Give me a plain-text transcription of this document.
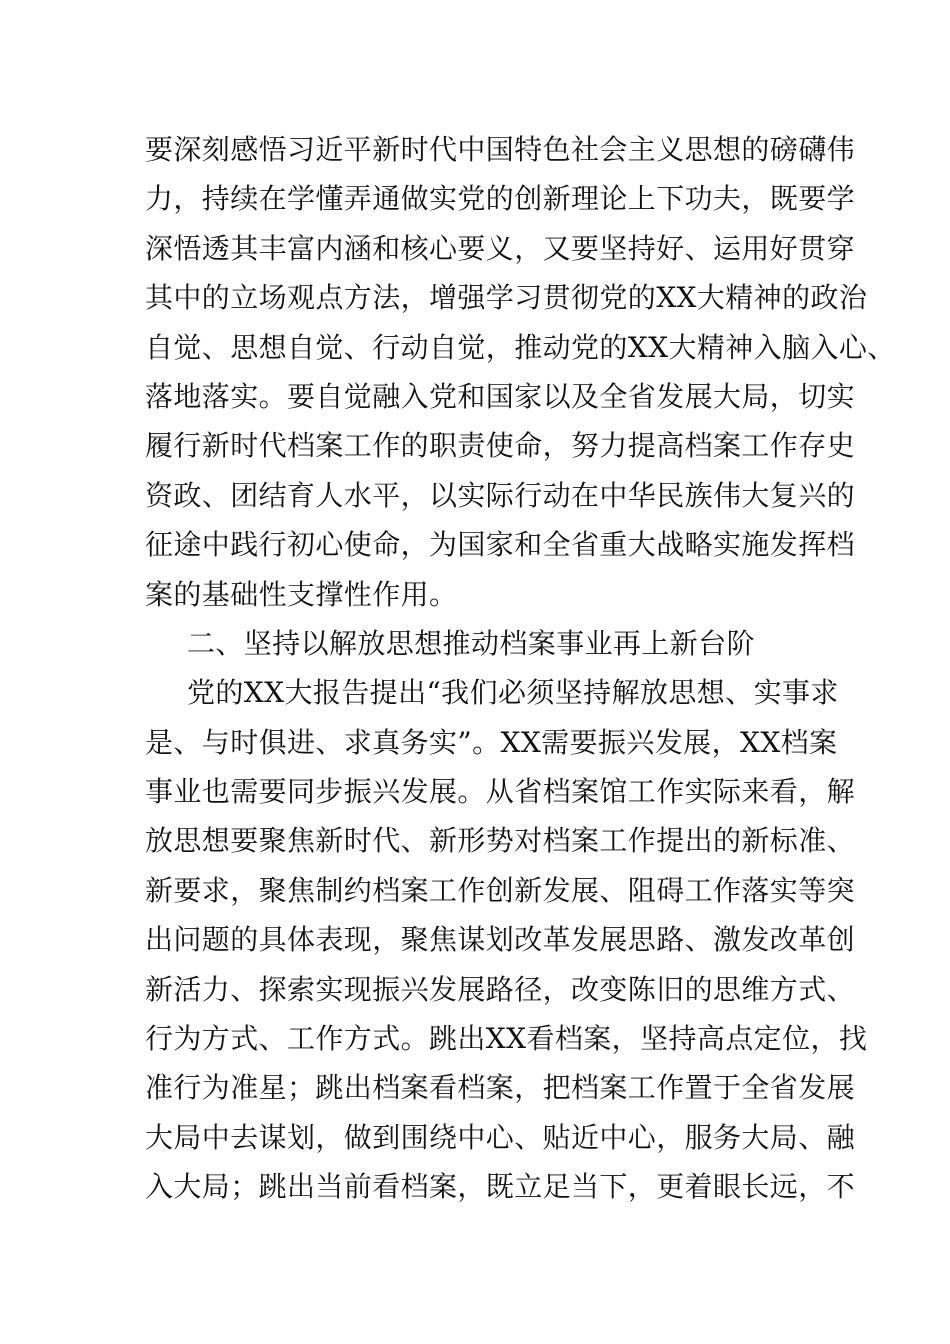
要深刻感悟习近平新时代中国特色社会主义思想的磅礴伟
力，持续在学懂弄通做实党的创新理论上下功夫，既要学
深悟透其丰富内涵和核心要义，又要坚持好、运用好贯穿
其中的立场观点方法，增强学习贯彻党的XX大精神的政治
自觉、思想自觉、行动自觉，推动党的XX大精神入脑入心、
落地落实。要自觉融入党和国家以及全省发展大局，切实
履行新时代档案工作的职责使命，努力提高档案工作存史
资政、团结育人水平，以实际行动在中华民族伟大复兴的
征途中践行初心使命，为国家和全省重大战略实施发挥档
案的基础性支撑性作用。
二、坚持以解放思想推动档案事业再上新台阶
党的XX大报告提出“我们必须坚持解放思想、实事求
是、与时俱进、求真务实”。XX需要振兴发展，XX档案
事业也需要同步振兴发展。从省档案馆工作实际来看，解
放思想要聚焦新时代、新形势对档案工作提出的新标准、
新要求，聚焦制约档案工作创新发展、阻碍工作落实等突
出问题的具体表现，聚焦谋划改革发展思路、激发改革创
新活力、探索实现振兴发展路径，改变陈旧的思维方式、
行为方式、工作方式。跳出XX看档案，坚持高点定位，找
准行为准星；跳出档案看档案，把档案工作置于全省发展
大局中去谋划，做到围绕中心、贴近中心，服务大局、融
入大局；跳出当前看档案，既立足当下，更着眼长远，不
